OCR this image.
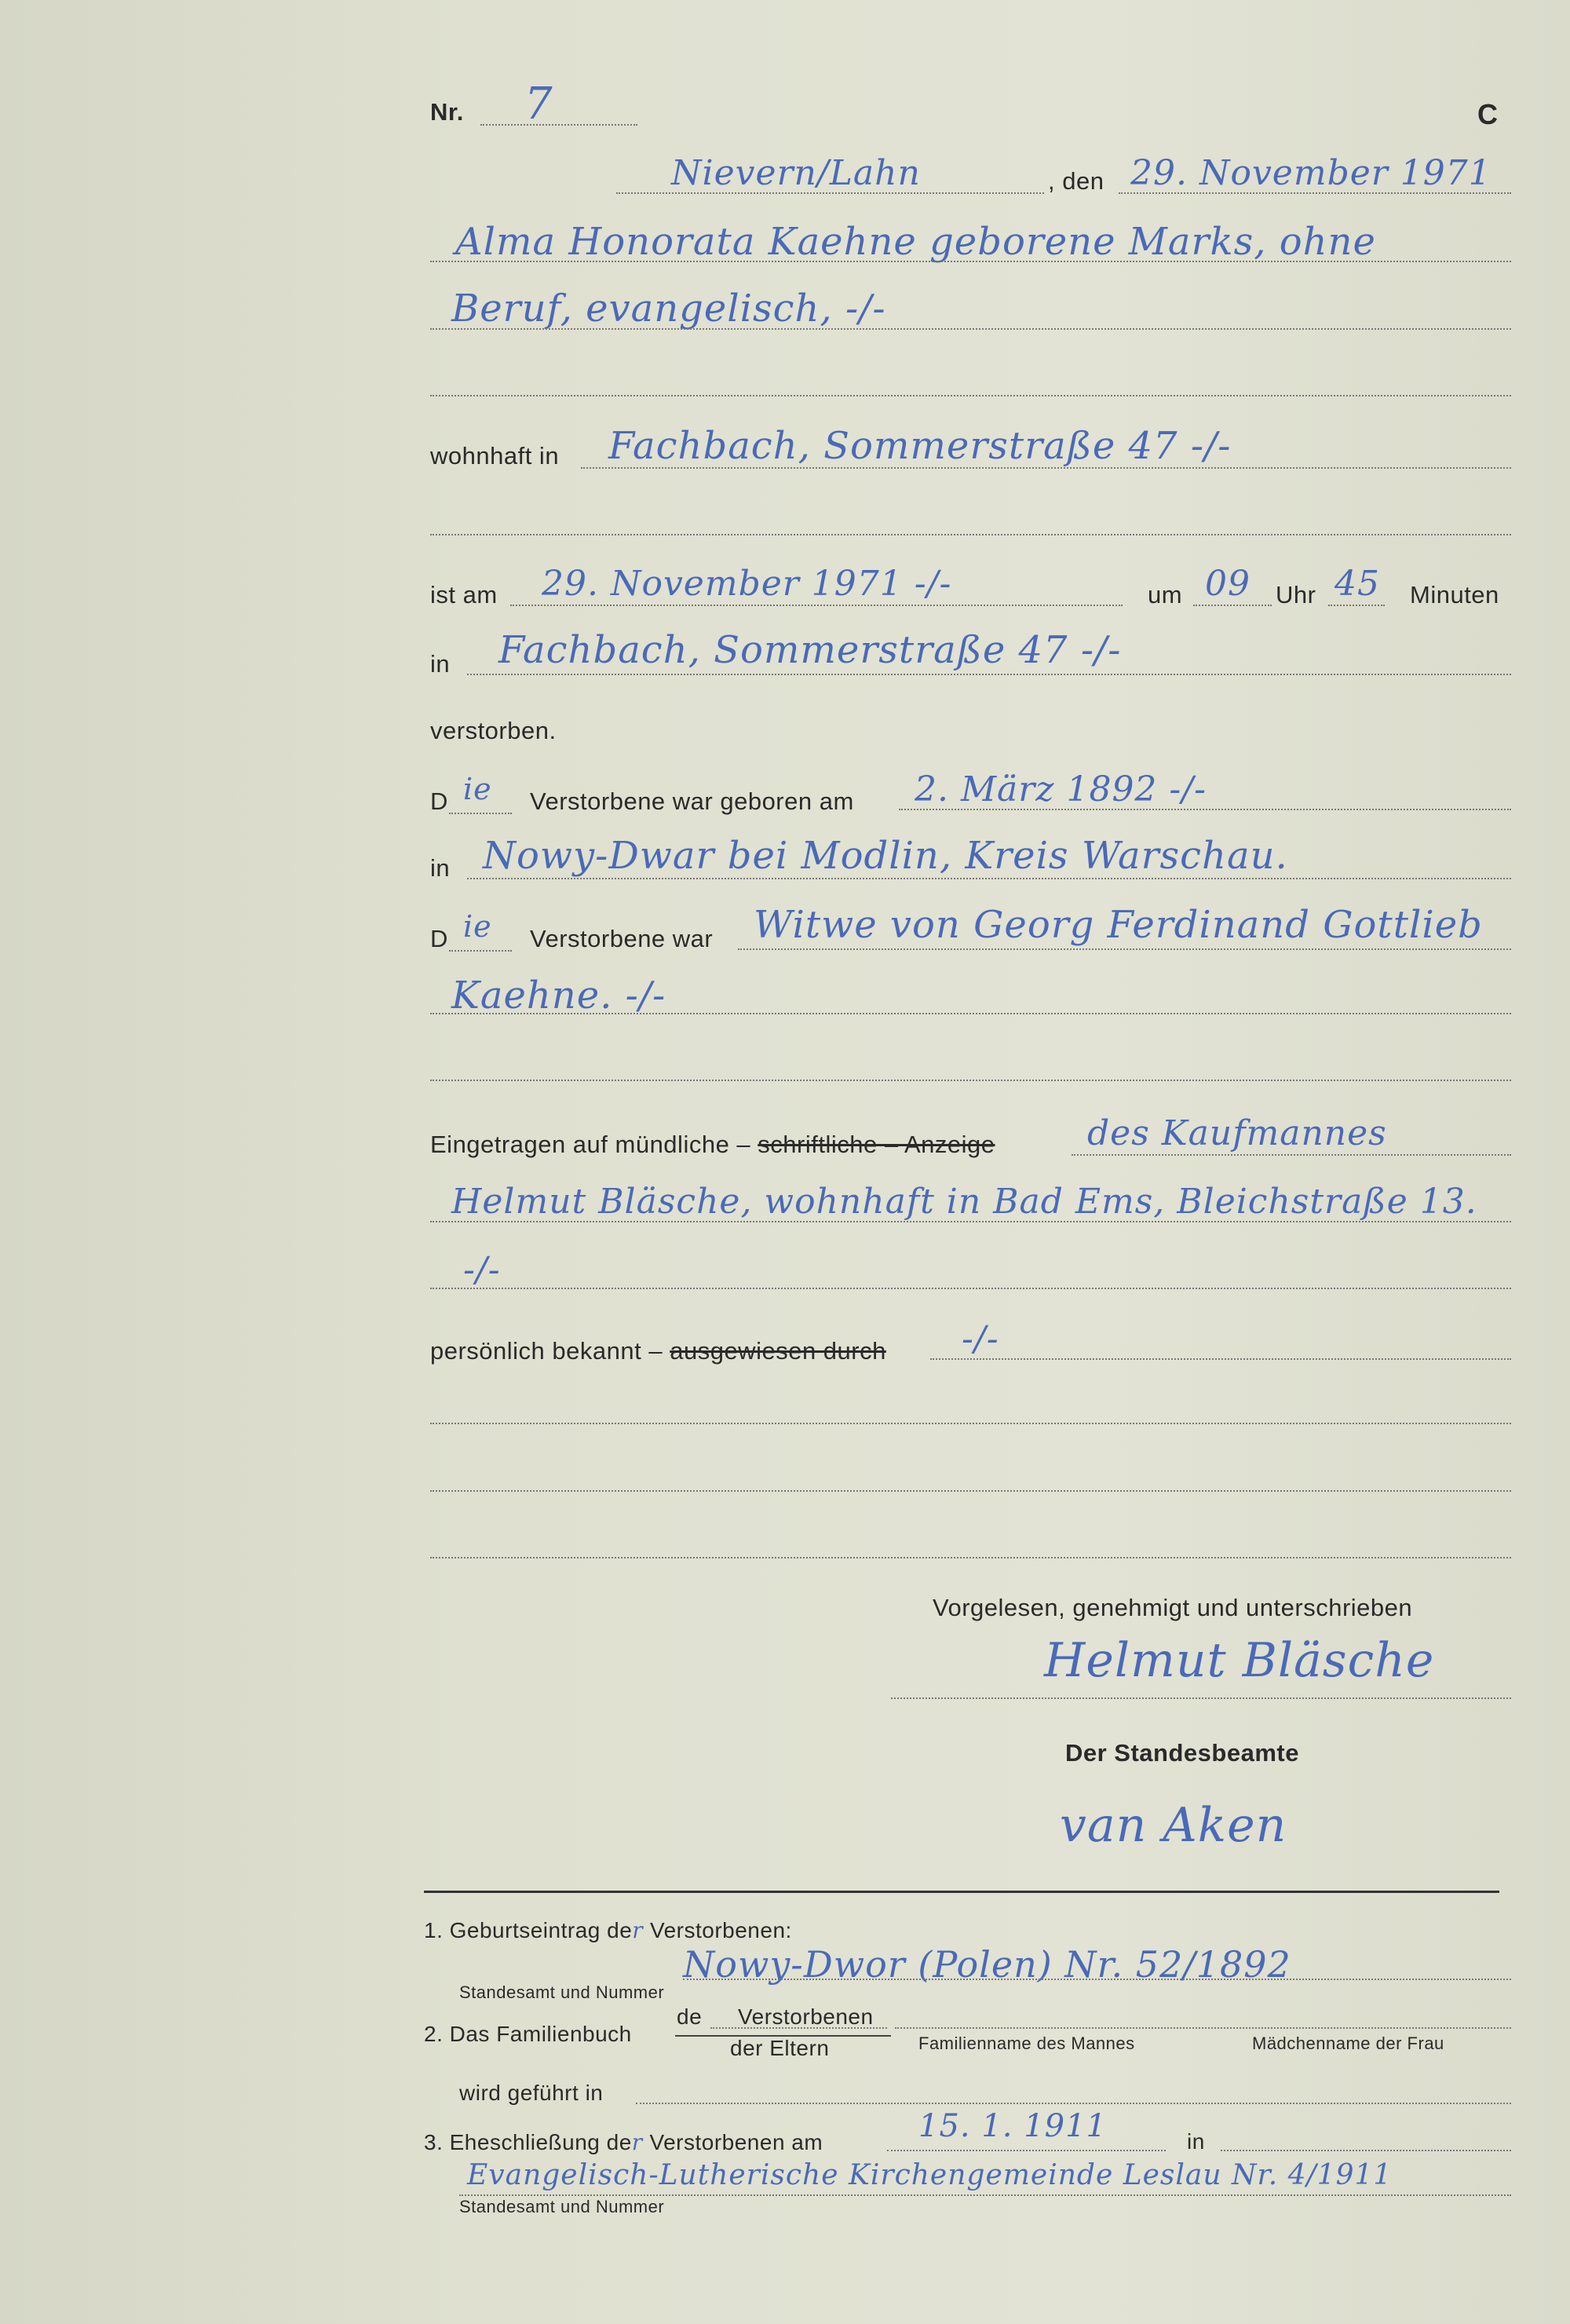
Nr. 7	C
Nievern/Lahn	, den 29. November 1971
Alma Honorata Kaehne geborene Marks, ohne
Beruf, evangelisch, -/-
wohnhaft in Fachbach, Sommerstraße 47 -/-
ist am 29. November 1971 -/-	um 09 Uhr 45 Minuten
in Fachbach, Sommerstraße 47 -/-
verstorben.
D ie Verstorbene war geboren am 2. März 1892 -/-
in Nowy-Dwar bei Modlin, Kreis Warschau.
D ie Verstorbene war Witwe von Georg Ferdinand Gottlieb
Kaehne. -/-
Eingetragen auf mündliche – schriftliche – Anzeige	des Kaufmannes
Helmut Bläsche, wohnhaft in Bad Ems, Bleichstraße 13.
-/-
persönlich bekannt – ausgewiesen durch -/-
Vorgelesen, genehmigt und unterschrieben
Helmut Bläsche
Der Standesbeamte
van Aken
1. Geburtseintrag der Verstorbenen:
Nowy-Dwor (Polen) Nr. 52/1892
Standesamt und Nummer
2. Das Familienbuch
de Verstorbenen
der Eltern	Familienname des Mannes	Mädchenname der Frau
wird geführt in
3. Eheschließung der Verstorbenen am	15. 1. 1911	in
Evangelisch-Lutherische Kirchengemeinde Leslau Nr. 4/1911
Standesamt und Nummer
